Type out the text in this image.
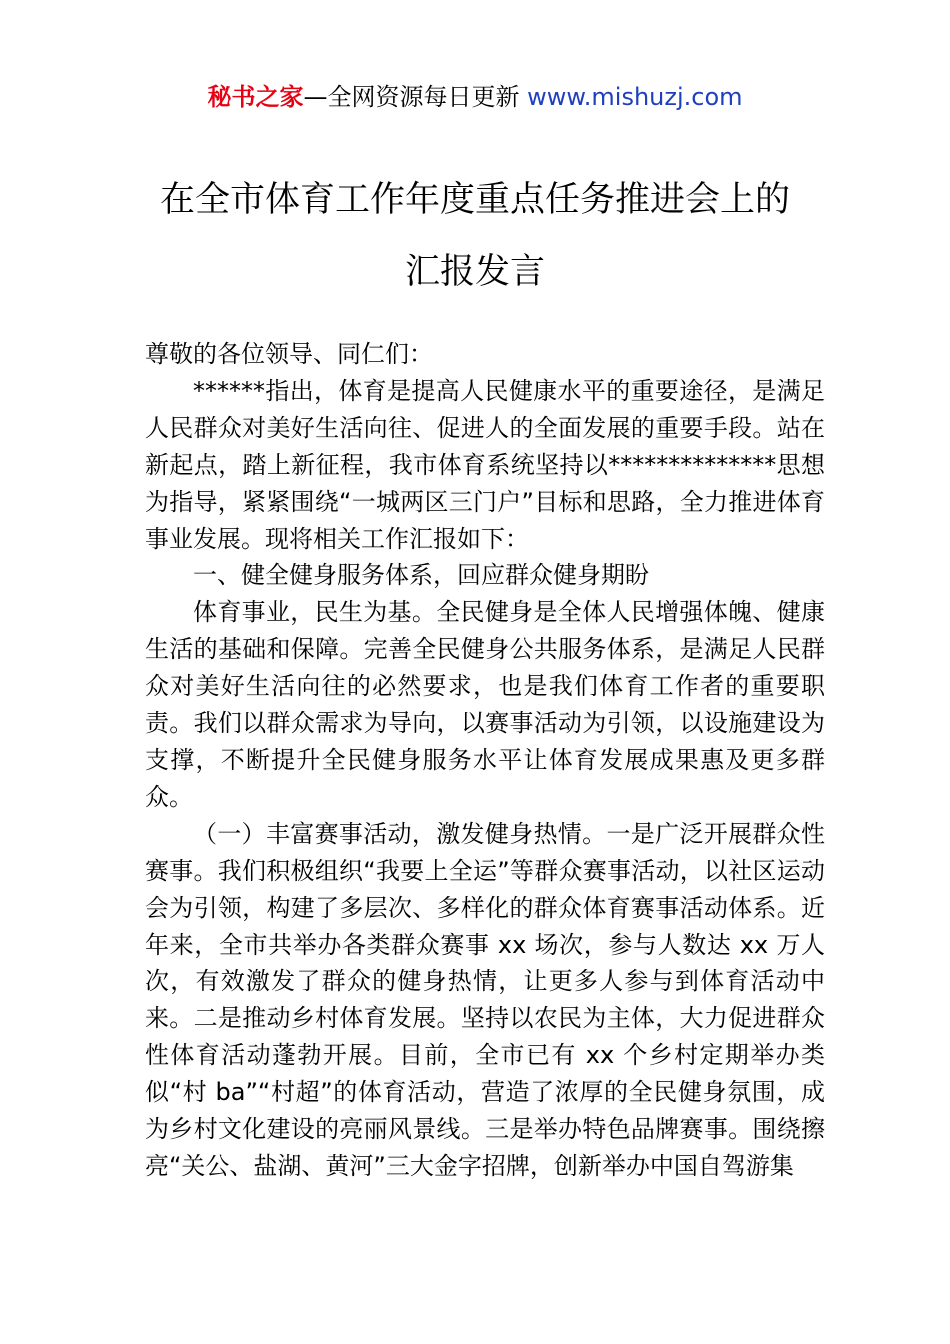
秘书之家—全网资源每日更新 www.mishuzj.com
在全市体育工作年度重点任务推进会上的
汇报发言

尊敬的各位领导、同仁们：

******指出，体育是提高人民健康水平的重要途径，是满足人民群众对美好生活向往、促进人的全面发展的重要手段。站在新起点，踏上新征程，我市体育系统坚持以**************思想为指导，紧紧围绕“一城两区三门户”目标和思路，全力推进体育事业发展。现将相关工作汇报如下：

一、健全健身服务体系，回应群众健身期盼

体育事业，民生为基。全民健身是全体人民增强体魄、健康生活的基础和保障。完善全民健身公共服务体系，是满足人民群众对美好生活向往的必然要求，也是我们体育工作者的重要职责。我们以群众需求为导向，以赛事活动为引领，以设施建设为支撑，不断提升全民健身服务水平让体育发展成果惠及更多群众。

（一）丰富赛事活动，激发健身热情。一是广泛开展群众性赛事。我们积极组织“我要上全运”等群众赛事活动，以社区运动会为引领，构建了多层次、多样化的群众体育赛事活动体系。近年来，全市共举办各类群众赛事 xx 场次，参与人数达 xx 万人次，有效激发了群众的健身热情，让更多人参与到体育活动中来。二是推动乡村体育发展。坚持以农民为主体，大力促进群众性体育活动蓬勃开展。目前，全市已有 xx 个乡村定期举办类似“村 ba”“村超”的体育活动，营造了浓厚的全民健身氛围，成为乡村文化建设的亮丽风景线。三是举办特色品牌赛事。围绕擦亮“关公、盐湖、黄河”三大金字招牌，创新举办中国自驾游集
